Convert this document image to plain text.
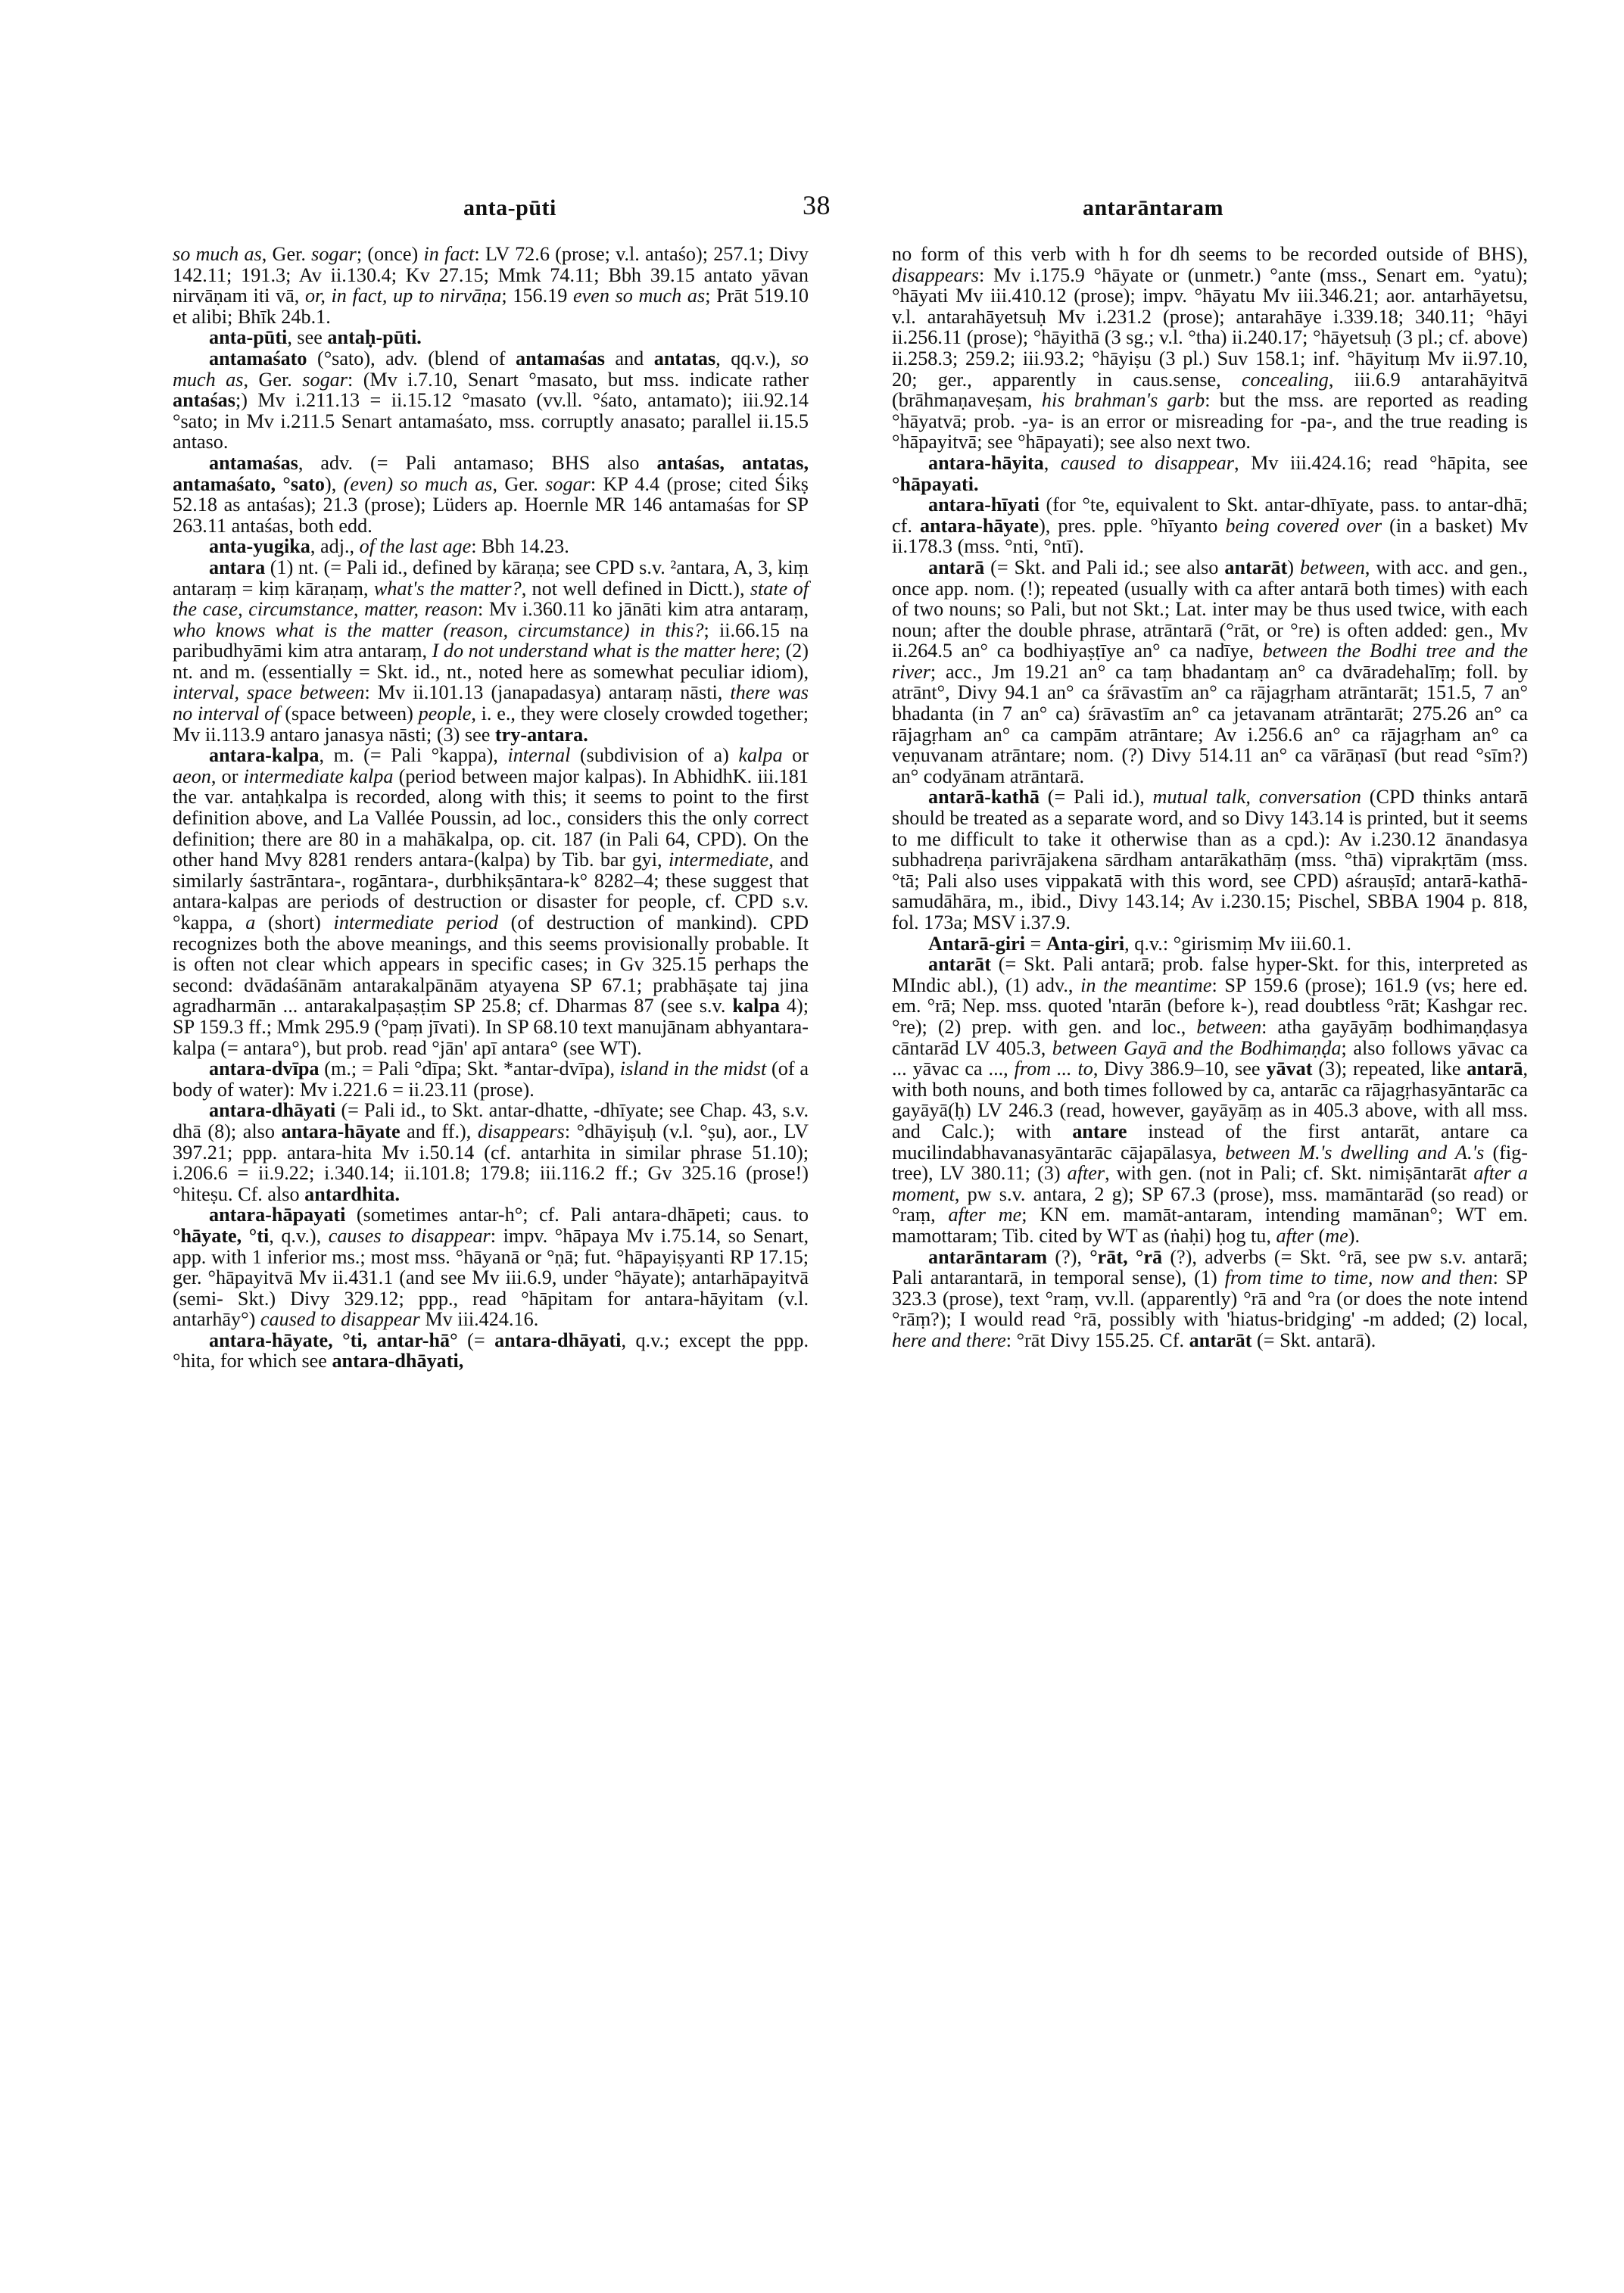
anta-pūti	38	antarāntaram

so much as, Ger. sogar; (once) in fact: LV 72.6 (prose; v.l. antaśo); 257.1; Divy 142.11; 191.3; Av ii.130.4; Kv 27.15; Mmk 74.11; Bbh 39.15 antato yāvan nirvāṇam iti vā, or, in fact, up to nirvāṇa; 156.19 even so much as; Prāt 519.10 et alibi; Bhīk 24b.1.

anta-pūti, see antaḥ-pūti.

antamaśato (°sato), adv. (blend of antamaśas and antatas, qq.v.), so much as, Ger. sogar: (Mv i.7.10, Senart °masato, but mss. indicate rather antaśas;) Mv i.211.13 = ii.15.12 °masato (vv.ll. °śato, antamato); iii.92.14 °sato; in Mv i.211.5 Senart antamaśato, mss. corruptly anasato; parallel ii.15.5 antaso.

antamaśas, adv. (= Pali antamaso; BHS also antaśas, antatas, antamaśato, °sato), (even) so much as, Ger. sogar: KP 4.4 (prose; cited Śikṣ 52.18 as antaśas); 21.3 (prose); Lüders ap. Hoernle MR 146 antamaśas for SP 263.11 antaśas, both edd.

anta-yugika, adj., of the last age: Bbh 14.23.

antara (1) nt. (= Pali id., defined by kāraṇa; see CPD s.v. ²antara, A, 3, kiṃ antaraṃ = kiṃ kāraṇaṃ, what's the matter?, not well defined in Dictt.), state of the case, circumstance, matter, reason: Mv i.360.11 ko jānāti kim atra antaraṃ, who knows what is the matter (reason, circumstance) in this?; ii.66.15 na paribudhyāmi kim atra antaraṃ, I do not understand what is the matter here; (2) nt. and m. (essentially = Skt. id., nt., noted here as somewhat peculiar idiom), interval, space between: Mv ii.101.13 (janapadasya) antaraṃ nāsti, there was no interval of (space between) people, i. e., they were closely crowded together; Mv ii.113.9 antaro janasya nāsti; (3) see try-antara.

antara-kalpa, m. (= Pali °kappa), internal (subdivision of a) kalpa or aeon, or intermediate kalpa (period between major kalpas). In AbhidhK. iii.181 the var. antaḥkalpa is recorded, along with this; it seems to point to the first definition above, and La Vallée Poussin, ad loc., considers this the only correct definition; there are 80 in a mahākalpa, op. cit. 187 (in Pali 64, CPD). On the other hand Mvy 8281 renders antara-(kalpa) by Tib. bar gyi, intermediate, and similarly śastrāntara-, rogāntara-, durbhikṣāntara-k° 8282–4; these suggest that antara-kalpas are periods of destruction or disaster for people, cf. CPD s.v. °kappa, a (short) intermediate period (of destruction of mankind). CPD recognizes both the above meanings, and this seems provisionally probable. It is often not clear which appears in specific cases; in Gv 325.15 perhaps the second: dvādaśānām antarakalpānām atyayena SP 67.1; prabhāṣate taj jina agradharmān ... antarakalpaṣaṣṭim SP 25.8; cf. Dharmas 87 (see s.v. kalpa 4); SP 159.3 ff.; Mmk 295.9 (°paṃ jīvati). In SP 68.10 text manujānam abhyantara-kalpa (= antara°), but prob. read °jān' apī antara° (see WT).

antara-dvīpa (m.; = Pali °dīpa; Skt. *antar-dvīpa), island in the midst (of a body of water): Mv i.221.6 = ii.23.11 (prose).

antara-dhāyati (= Pali id., to Skt. antar-dhatte, -dhīyate; see Chap. 43, s.v. dhā (8); also antara-hāyate and ff.), disappears: °dhāyiṣuḥ (v.l. °ṣu), aor., LV 397.21; ppp. antara-hita Mv i.50.14 (cf. antarhita in similar phrase 51.10); i.206.6 = ii.9.22; i.340.14; ii.101.8; 179.8; iii.116.2 ff.; Gv 325.16 (prose!) °hiteṣu. Cf. also antardhita.

antara-hāpayati (sometimes antar-h°; cf. Pali antara-dhāpeti; caus. to °hāyate, °ti, q.v.), causes to disappear: impv. °hāpaya Mv i.75.14, so Senart, app. with 1 inferior ms.; most mss. °hāyanā or °ṇā; fut. °hāpayiṣyanti RP 17.15; ger. °hāpayitvā Mv ii.431.1 (and see Mv iii.6.9, under °hāyate); antarhāpayitvā (semi- Skt.) Divy 329.12; ppp., read °hāpitam for antara-hāyitam (v.l. antarhāy°) caused to disappear Mv iii.424.16.

antara-hāyate, °ti, antar-hā° (= antara-dhāyati, q.v.; except the ppp. °hita, for which see antara-dhāyati,

no form of this verb with h for dh seems to be recorded outside of BHS), disappears: Mv i.175.9 °hāyate or (unmetr.) °ante (mss., Senart em. °yatu); °hāyati Mv iii.410.12 (prose); impv. °hāyatu Mv iii.346.21; aor. antarhāyetsu, v.l. antarahāyetsuḥ Mv i.231.2 (prose); antarahāye i.339.18; 340.11; °hāyi ii.256.11 (prose); °hāyithā (3 sg.; v.l. °tha) ii.240.17; °hāyetsuḥ (3 pl.; cf. above) ii.258.3; 259.2; iii.93.2; °hāyiṣu (3 pl.) Suv 158.1; inf. °hāyituṃ Mv ii.97.10, 20; ger., apparently in caus.sense, concealing, iii.6.9 antarahāyitvā (brāhmaṇaveṣam, his brahman's garb: but the mss. are reported as reading °hāyatvā; prob. -ya- is an error or misreading for -pa-, and the true reading is °hāpayitvā; see °hāpayati); see also next two.

antara-hāyita, caused to disappear, Mv iii.424.16; read °hāpita, see °hāpayati.

antara-hīyati (for °te, equivalent to Skt. antar-dhīyate, pass. to antar-dhā; cf. antara-hāyate), pres. pple. °hīyanto being covered over (in a basket) Mv ii.178.3 (mss. °nti, °ntī).

antarā (= Skt. and Pali id.; see also antarāt) between, with acc. and gen., once app. nom. (!); repeated (usually with ca after antarā both times) with each of two nouns; so Pali, but not Skt.; Lat. inter may be thus used twice, with each noun; after the double phrase, atrāntarā (°rāt, or °re) is often added: gen., Mv ii.264.5 an° ca bodhiyaṣṭīye an° ca nadīye, between the Bodhi tree and the river; acc., Jm 19.21 an° ca taṃ bhadantaṃ an° ca dvāradehalīṃ; foll. by atrānt°, Divy 94.1 an° ca śrāvastīm an° ca rājagṛham atrāntarāt; 151.5, 7 an° bhadanta (in 7 an° ca) śrāvastīm an° ca jetavanam atrāntarāt; 275.26 an° ca rājagṛham an° ca campām atrāntare; Av i.256.6 an° ca rājagṛham an° ca veṇuvanam atrāntare; nom. (?) Divy 514.11 an° ca vārāṇasī (but read °sīm?) an° codyānam atrāntarā.

antarā-kathā (= Pali id.), mutual talk, conversation (CPD thinks antarā should be treated as a separate word, and so Divy 143.14 is printed, but it seems to me difficult to take it otherwise than as a cpd.): Av i.230.12 ānandasya subhadreṇa parivrājakena sārdham antarākathāṃ (mss. °thā) viprakṛtām (mss. °tā; Pali also uses vippakatā with this word, see CPD) aśrauṣīd; antarā-kathā-samudāhāra, m., ibid., Divy 143.14; Av i.230.15; Pischel, SBBA 1904 p. 818, fol. 173a; MSV i.37.9.

Antarā-giri = Anta-giri, q.v.: °girismiṃ Mv iii.60.1.

antarāt (= Skt. Pali antarā; prob. false hyper-Skt. for this, interpreted as MIndic abl.), (1) adv., in the meantime: SP 159.6 (prose); 161.9 (vs; here ed. em. °rā; Nep. mss. quoted 'ntarān (before k-), read doubtless °rāt; Kashgar rec. °re); (2) prep. with gen. and loc., between: atha gayāyāṃ bodhimaṇḍasya cāntarād LV 405.3, between Gayā and the Bodhimaṇḍa; also follows yāvac ca ... yāvac ca ..., from ... to, Divy 386.9–10, see yāvat (3); repeated, like antarā, with both nouns, and both times followed by ca, antarāc ca rājagṛhasyāntarāc ca gayāyā(ḥ) LV 246.3 (read, however, gayāyāṃ as in 405.3 above, with all mss. and Calc.); with antare instead of the first antarāt, antare ca mucilindabhavanasyāntarāc cājapālasya, between M.'s dwelling and A.'s (fig-tree), LV 380.11; (3) after, with gen. (not in Pali; cf. Skt. nimiṣāntarāt after a moment, pw s.v. antara, 2 g); SP 67.3 (prose), mss. mamāntarād (so read) or °raṃ, after me; KN em. mamāt-antaram, intending mamānan°; WT em. mamottaram; Tib. cited by WT as (ṅaḥi) ḥog tu, after (me).

antarāntaram (?), °rāt, °rā (?), adverbs (= Skt. °rā, see pw s.v. antarā; Pali antarantarā, in temporal sense), (1) from time to time, now and then: SP 323.3 (prose), text °raṃ, vv.ll. (apparently) °rā and °ra (or does the note intend °rāṃ?); I would read °rā, possibly with 'hiatus-bridging' -m added; (2) local, here and there: °rāt Divy 155.25. Cf. antarāt (= Skt. antarā).
